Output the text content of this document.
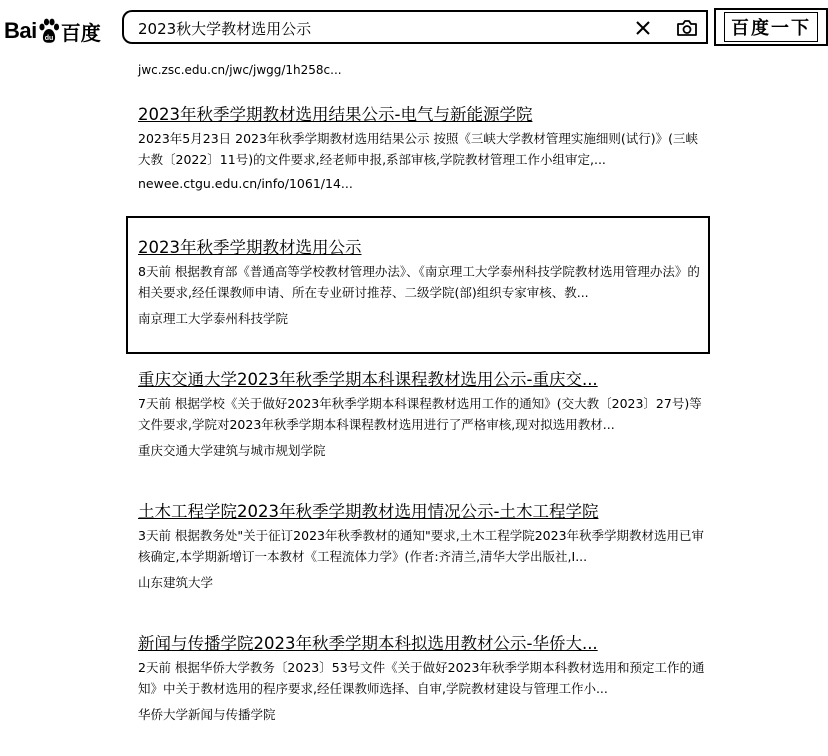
Bai du 百度 2023秋大学教材选用公示	百度一下
jwc.zsc.edu.cn/jwc/jwgg/1h258c...
2023年秋季学期教材选用结果公示-电气与新能源学院
2023年5月23日 2023年秋季学期教材选用结果公示 按照《三峡大学教材管理实施细则(试行)》(三峡大教〔2022〕11号)的文件要求,经老师申报,系部审核,学院教材管理工作小组审定,...
newee.ctgu.edu.cn/info/1061/14...
2023年秋季学期教材选用公示
8天前 根据教育部《普通高等学校教材管理办法》、《南京理工大学泰州科技学院教材选用管理办法》的相关要求,经任课教师申请、所在专业研讨推荐、二级学院(部)组织专家审核、教...
南京理工大学泰州科技学院
重庆交通大学2023年秋季学期本科课程教材选用公示-重庆交...
7天前 根据学校《关于做好2023年秋季学期本科课程教材选用工作的通知》(交大教〔2023〕27号)等文件要求,学院对2023年秋季学期本科课程教材选用进行了严格审核,现对拟选用教材...
重庆交通大学建筑与城市规划学院
土木工程学院2023年秋季学期教材选用情况公示-土木工程学院
3天前 根据教务处"关于征订2023年秋季教材的通知"要求,土木工程学院2023年秋季学期教材选用已审核确定,本学期新增订一本教材《工程流体力学》(作者:齐清兰,清华大学出版社,I...
山东建筑大学
新闻与传播学院2023年秋季学期本科拟选用教材公示-华侨大...
2天前 根据华侨大学教务〔2023〕53号文件《关于做好2023年秋季学期本科教材选用和预定工作的通知》中关于教材选用的程序要求,经任课教师选择、自审,学院教材建设与管理工作小...
华侨大学新闻与传播学院
